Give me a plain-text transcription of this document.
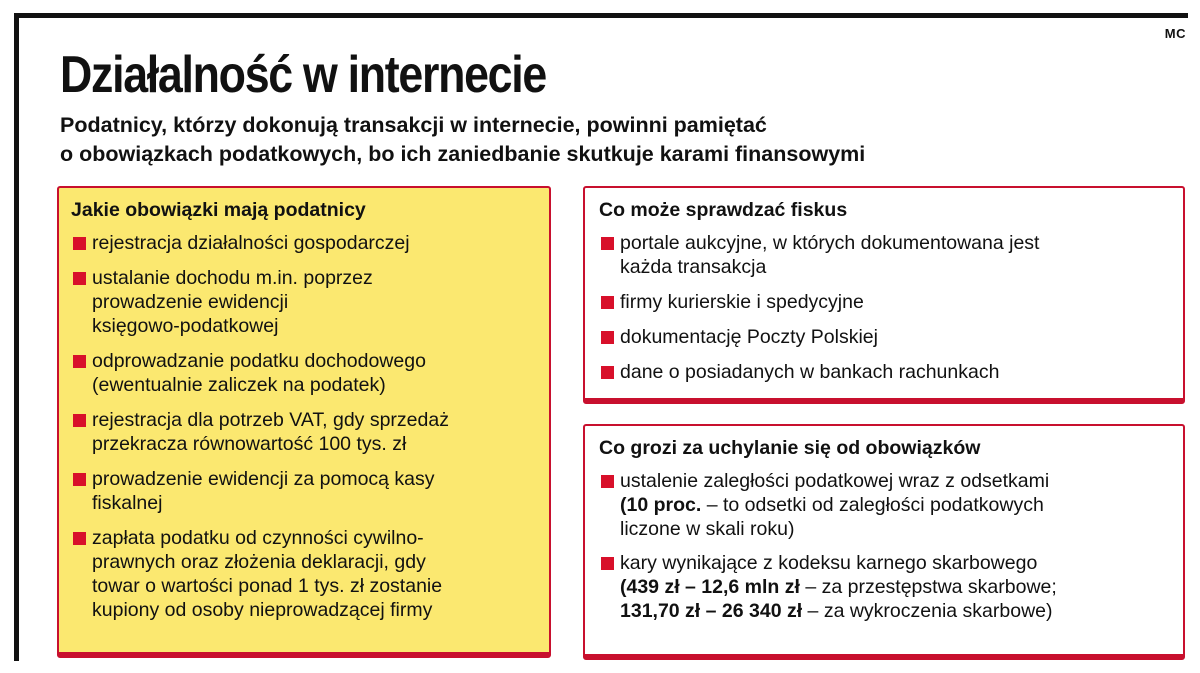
MC
Działalność w internecie

Podatnicy, którzy dokonują transakcji w internecie, powinni pamiętać
o obowiązkach podatkowych, bo ich zaniedbanie skutkuje karami finansowymi

Jakie obowiązki mają podatnicy
rejestracja działalności gospodarczej
ustalanie dochodu m.in. poprzez
prowadzenie ewidencji
księgowo-podatkowej
odprowadzanie podatku dochodowego
(ewentualnie zaliczek na podatek)
rejestracja dla potrzeb VAT, gdy sprzedaż
przekracza równowartość 100 tys. zł
prowadzenie ewidencji za pomocą kasy
fiskalnej
zapłata podatku od czynności cywilno-
prawnych oraz złożenia deklaracji, gdy
towar o wartości ponad 1 tys. zł zostanie
kupiony od osoby nieprowadzącej firmy
Co może sprawdzać fiskus
portale aukcyjne, w których dokumentowana jest
każda transakcja
firmy kurierskie i spedycyjne
dokumentację Poczty Polskiej
dane o posiadanych w bankach rachunkach
Co grozi za uchylanie się od obowiązków
ustalenie zaległości podatkowej wraz z odsetkami
(10 proc. – to odsetki od zaległości podatkowych
liczone w skali roku)
kary wynikające z kodeksu karnego skarbowego
(439 zł – 12,6 mln zł – za przestępstwa skarbowe;
131,70 zł – 26 340 zł – za wykroczenia skarbowe)
